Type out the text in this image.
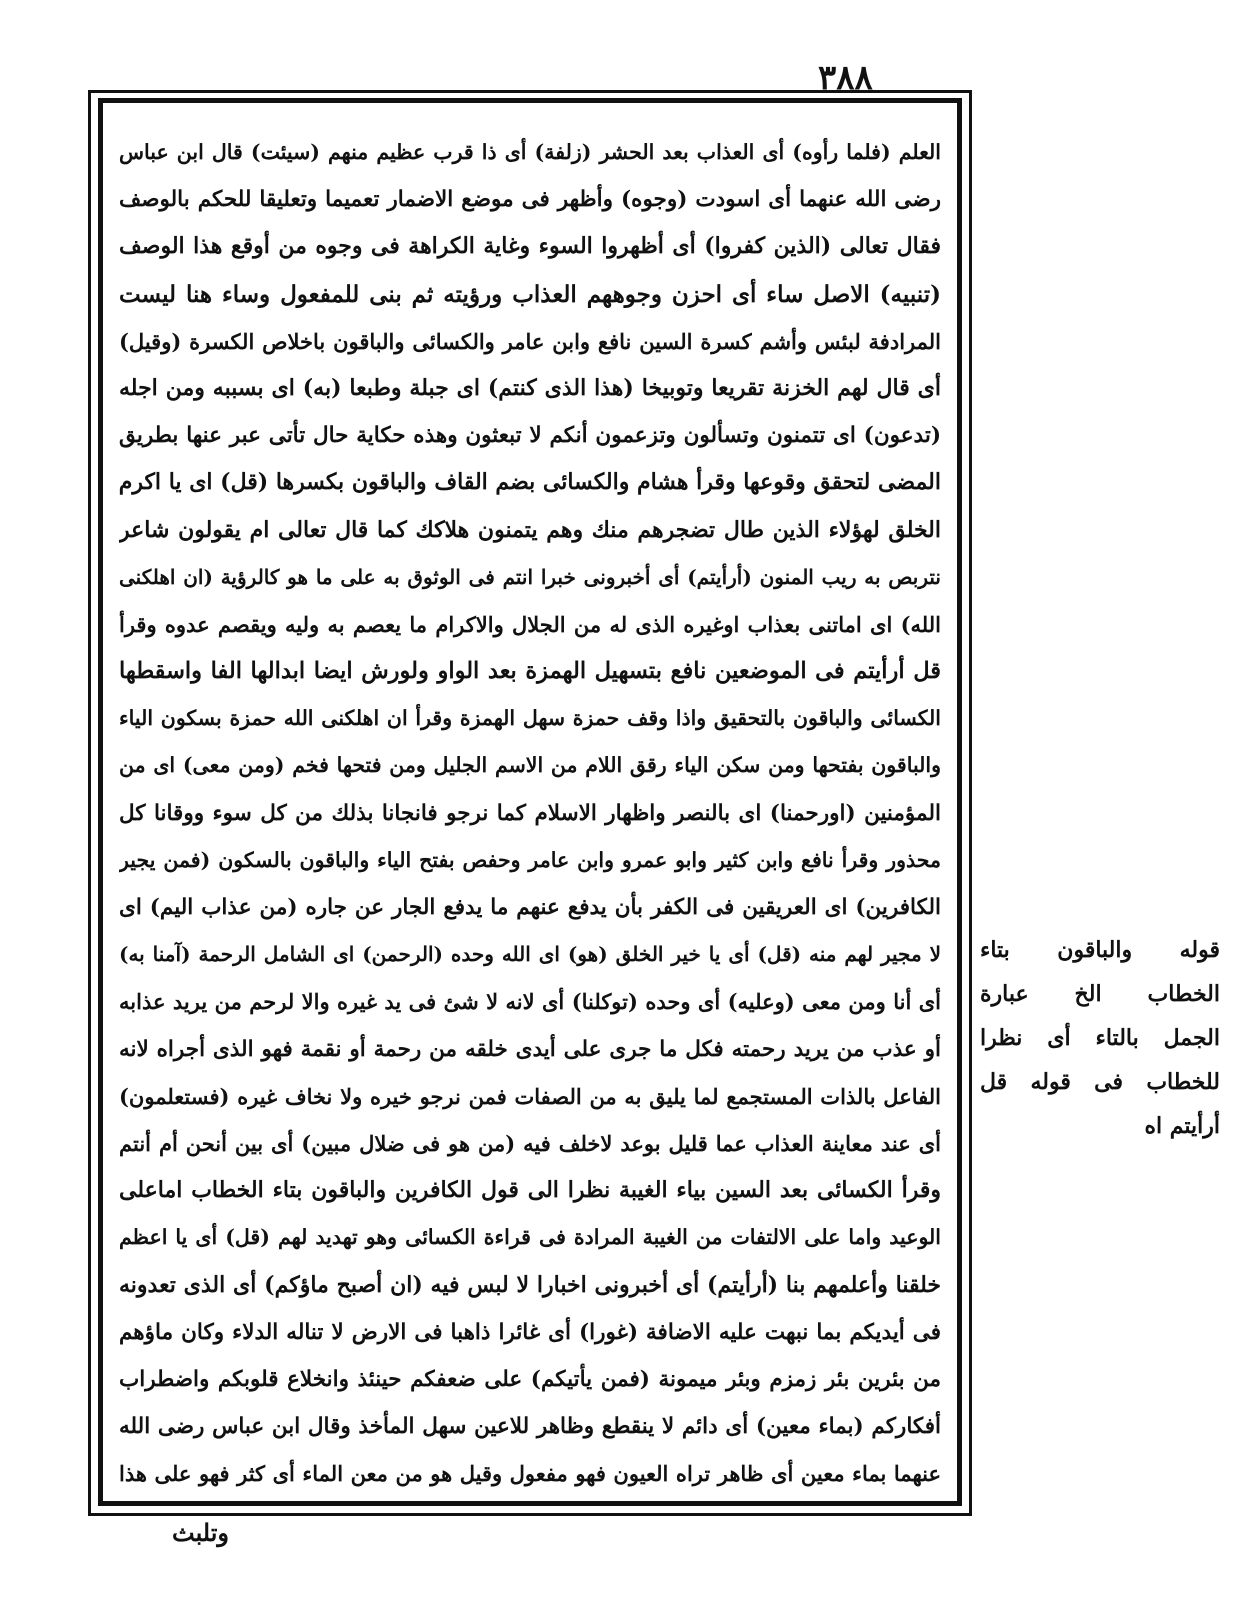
٣٨٨
العلم (فلما رأوه) أى العذاب بعد الحشر (زلفة) أى ذا قرب عظيم منهم (سيئت) قال ابن عباس
رضى الله عنهما أى اسودت (وجوه) وأظهر فى موضع الاضمار تعميما وتعليقا للحكم بالوصف
فقال تعالى (الذين كفروا) أى أظهروا السوء وغاية الكراهة فى وجوه من أوقع هذا الوصف
(تنبيه) الاصل ساء أى احزن وجوههم العذاب ورؤيته ثم بنى للمفعول وساء هنا ليست
المرادفة لبئس وأشم كسرة السين نافع وابن عامر والكسائى والباقون باخلاص الكسرة (وقيل)
أى قال لهم الخزنة تقريعا وتوبيخا (هذا الذى كنتم) اى جبلة وطبعا (به) اى بسببه ومن اجله
(تدعون) اى تتمنون وتسألون وتزعمون أنكم لا تبعثون وهذه حكاية حال تأتى عبر عنها بطريق
المضى لتحقق وقوعها وقرأ هشام والكسائى بضم القاف والباقون بكسرها (قل) اى يا اكرم
الخلق لهؤلاء الذين طال تضجرهم منك وهم يتمنون هلاكك كما قال تعالى ام يقولون شاعر
نتربص به ريب المنون (أرأيتم) أى أخبرونى خبرا انتم فى الوثوق به على ما هو كالرؤية (ان اهلكنى
الله) اى اماتنى بعذاب اوغيره الذى له من الجلال والاكرام ما يعصم به وليه ويقصم عدوه وقرأ
قل أرأيتم فى الموضعين نافع بتسهيل الهمزة بعد الواو ولورش ايضا ابدالها الفا واسقطها
الكسائى والباقون بالتحقيق واذا وقف حمزة سهل الهمزة وقرأ ان اهلكنى الله حمزة بسكون الياء
والباقون بفتحها ومن سكن الياء رقق اللام من الاسم الجليل ومن فتحها فخم (ومن معى) اى من
المؤمنين (اورحمنا) اى بالنصر واظهار الاسلام كما نرجو فانجانا بذلك من كل سوء ووقانا كل
محذور وقرأ نافع وابن كثير وابو عمرو وابن عامر وحفص بفتح الياء والباقون بالسكون (فمن يجير
الكافرين) اى العريقين فى الكفر بأن يدفع عنهم ما يدفع الجار عن جاره (من عذاب اليم) اى
لا مجير لهم منه (قل) أى يا خير الخلق (هو) اى الله وحده (الرحمن) اى الشامل الرحمة (آمنا به)
أى أنا ومن معى (وعليه) أى وحده (توكلنا) أى لانه لا شئ فى يد غيره والا لرحم من يريد عذابه
أو عذب من يريد رحمته فكل ما جرى على أيدى خلقه من رحمة أو نقمة فهو الذى أجراه لانه
الفاعل بالذات المستجمع لما يليق به من الصفات فمن نرجو خيره ولا نخاف غيره (فستعلمون)
أى عند معاينة العذاب عما قليل بوعد لاخلف فيه (من هو فى ضلال مبين) أى بين أنحن أم أنتم
وقرأ الكسائى بعد السين بياء الغيبة نظرا الى قول الكافرين والباقون بتاء الخطاب اماعلى
الوعيد واما على الالتفات من الغيبة المرادة فى قراءة الكسائى وهو تهديد لهم (قل) أى يا اعظم
خلقنا وأعلمهم بنا (أرأيتم) أى أخبرونى اخبارا لا لبس فيه (ان أصبح ماؤكم) أى الذى تعدونه
فى أيديكم بما نبهت عليه الاضافة (غورا) أى غائرا ذاهبا فى الارض لا تناله الدلاء وكان ماؤهم
من بئرين بئر زمزم وبئر ميمونة (فمن يأتيكم) على ضعفكم حينئذ وانخلاع قلوبكم واضطراب
أفكاركم (بماء معين) أى دائم لا ينقطع وظاهر للاعين سهل المأخذ وقال ابن عباس رضى الله
عنهما بماء معين أى ظاهر تراه العيون فهو مفعول وقيل هو من معن الماء أى كثر فهو على هذا
قوله والباقون بتاء
الخطاب الخ عبارة
الجمل بالتاء أى نظرا
للخطاب فى قوله قل
أرأيتم اه
وتلبث
